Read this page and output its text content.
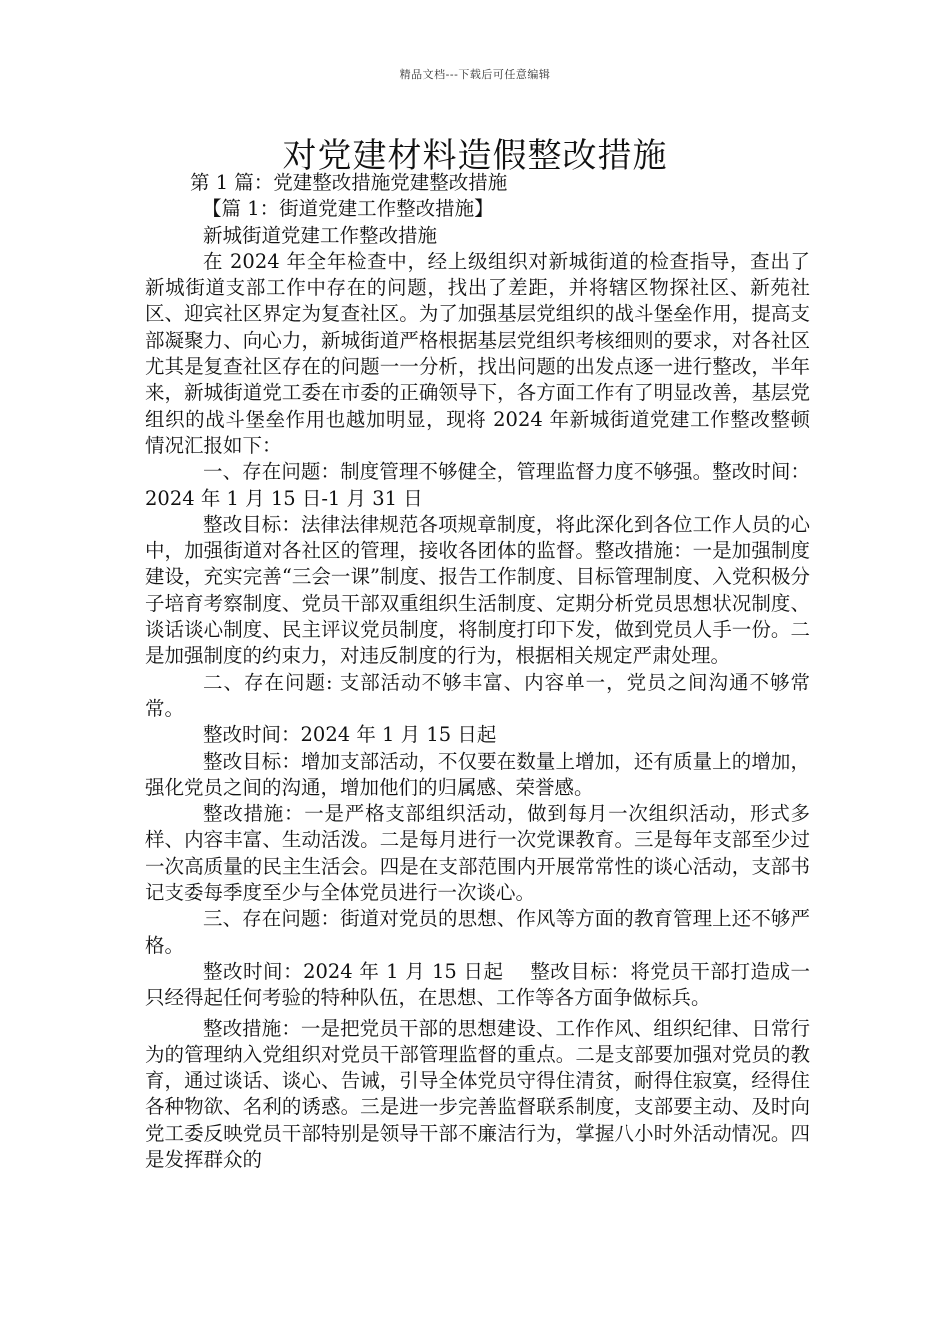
精品文档---下载后可任意编辑
对党建材料造假整改措施

第 1 篇：党建整改措施党建整改措施

【篇 1：街道党建工作整改措施】

新城街道党建工作整改措施

在 2024 年全年检查中，经上级组织对新城街道的检查指导，查出了新城街道支部工作中存在的问题，找出了差距，并将辖区物探社区、新苑社区、迎宾社区界定为复查社区。为了加强基层党组织的战斗堡垒作用，提高支部凝聚力、向心力，新城街道严格根据基层党组织考核细则的要求，对各社区尤其是复查社区存在的问题一一分析，找出问题的出发点逐一进行整改，半年来，新城街道党工委在市委的正确领导下，各方面工作有了明显改善，基层党组织的战斗堡垒作用也越加明显，现将 2024 年新城街道党建工作整改整顿情况汇报如下：

一、存在问题：制度管理不够健全，管理监督力度不够强。整改时间：2024 年 1 月 15 日-1 月 31 日

整改目标：法律法律规范各项规章制度，将此深化到各位工作人员的心中，加强街道对各社区的管理，接收各团体的监督。整改措施：一是加强制度建设，充实完善“三会一课”制度、报告工作制度、目标管理制度、入党积极分子培育考察制度、党员干部双重组织生活制度、定期分析党员思想状况制度、谈话谈心制度、民主评议党员制度，将制度打印下发，做到党员人手一份。二是加强制度的约束力，对违反制度的行为，根据相关规定严肃处理。

二、存在问题: 支部活动不够丰富、内容单一，党员之间沟通不够常常。

整改时间：2024 年 1 月 15 日起

整改目标：增加支部活动，不仅要在数量上增加，还有质量上的增加，强化党员之间的沟通，增加他们的归属感、荣誉感。

整改措施：一是严格支部组织活动，做到每月一次组织活动，形式多样、内容丰富、生动活泼。二是每月进行一次党课教育。三是每年支部至少过一次高质量的民主生活会。四是在支部范围内开展常常性的谈心活动，支部书记支委每季度至少与全体党员进行一次谈心。

三、存在问题：街道对党员的思想、作风等方面的教育管理上还不够严格。

整改时间：2024 年 1 月 15 日起　 整改目标：将党员干部打造成一只经得起任何考验的特种队伍，在思想、工作等各方面争做标兵。

整改措施：一是把党员干部的思想建设、工作作风、组织纪律、日常行为的管理纳入党组织对党员干部管理监督的重点。二是支部要加强对党员的教育，通过谈话、谈心、告诫，引导全体党员守得住清贫，耐得住寂寞，经得住各种物欲、名利的诱惑。三是进一步完善监督联系制度，支部要主动、及时向党工委反映党员干部特别是领导干部不廉洁行为，掌握八小时外活动情况。四是发挥群众的
